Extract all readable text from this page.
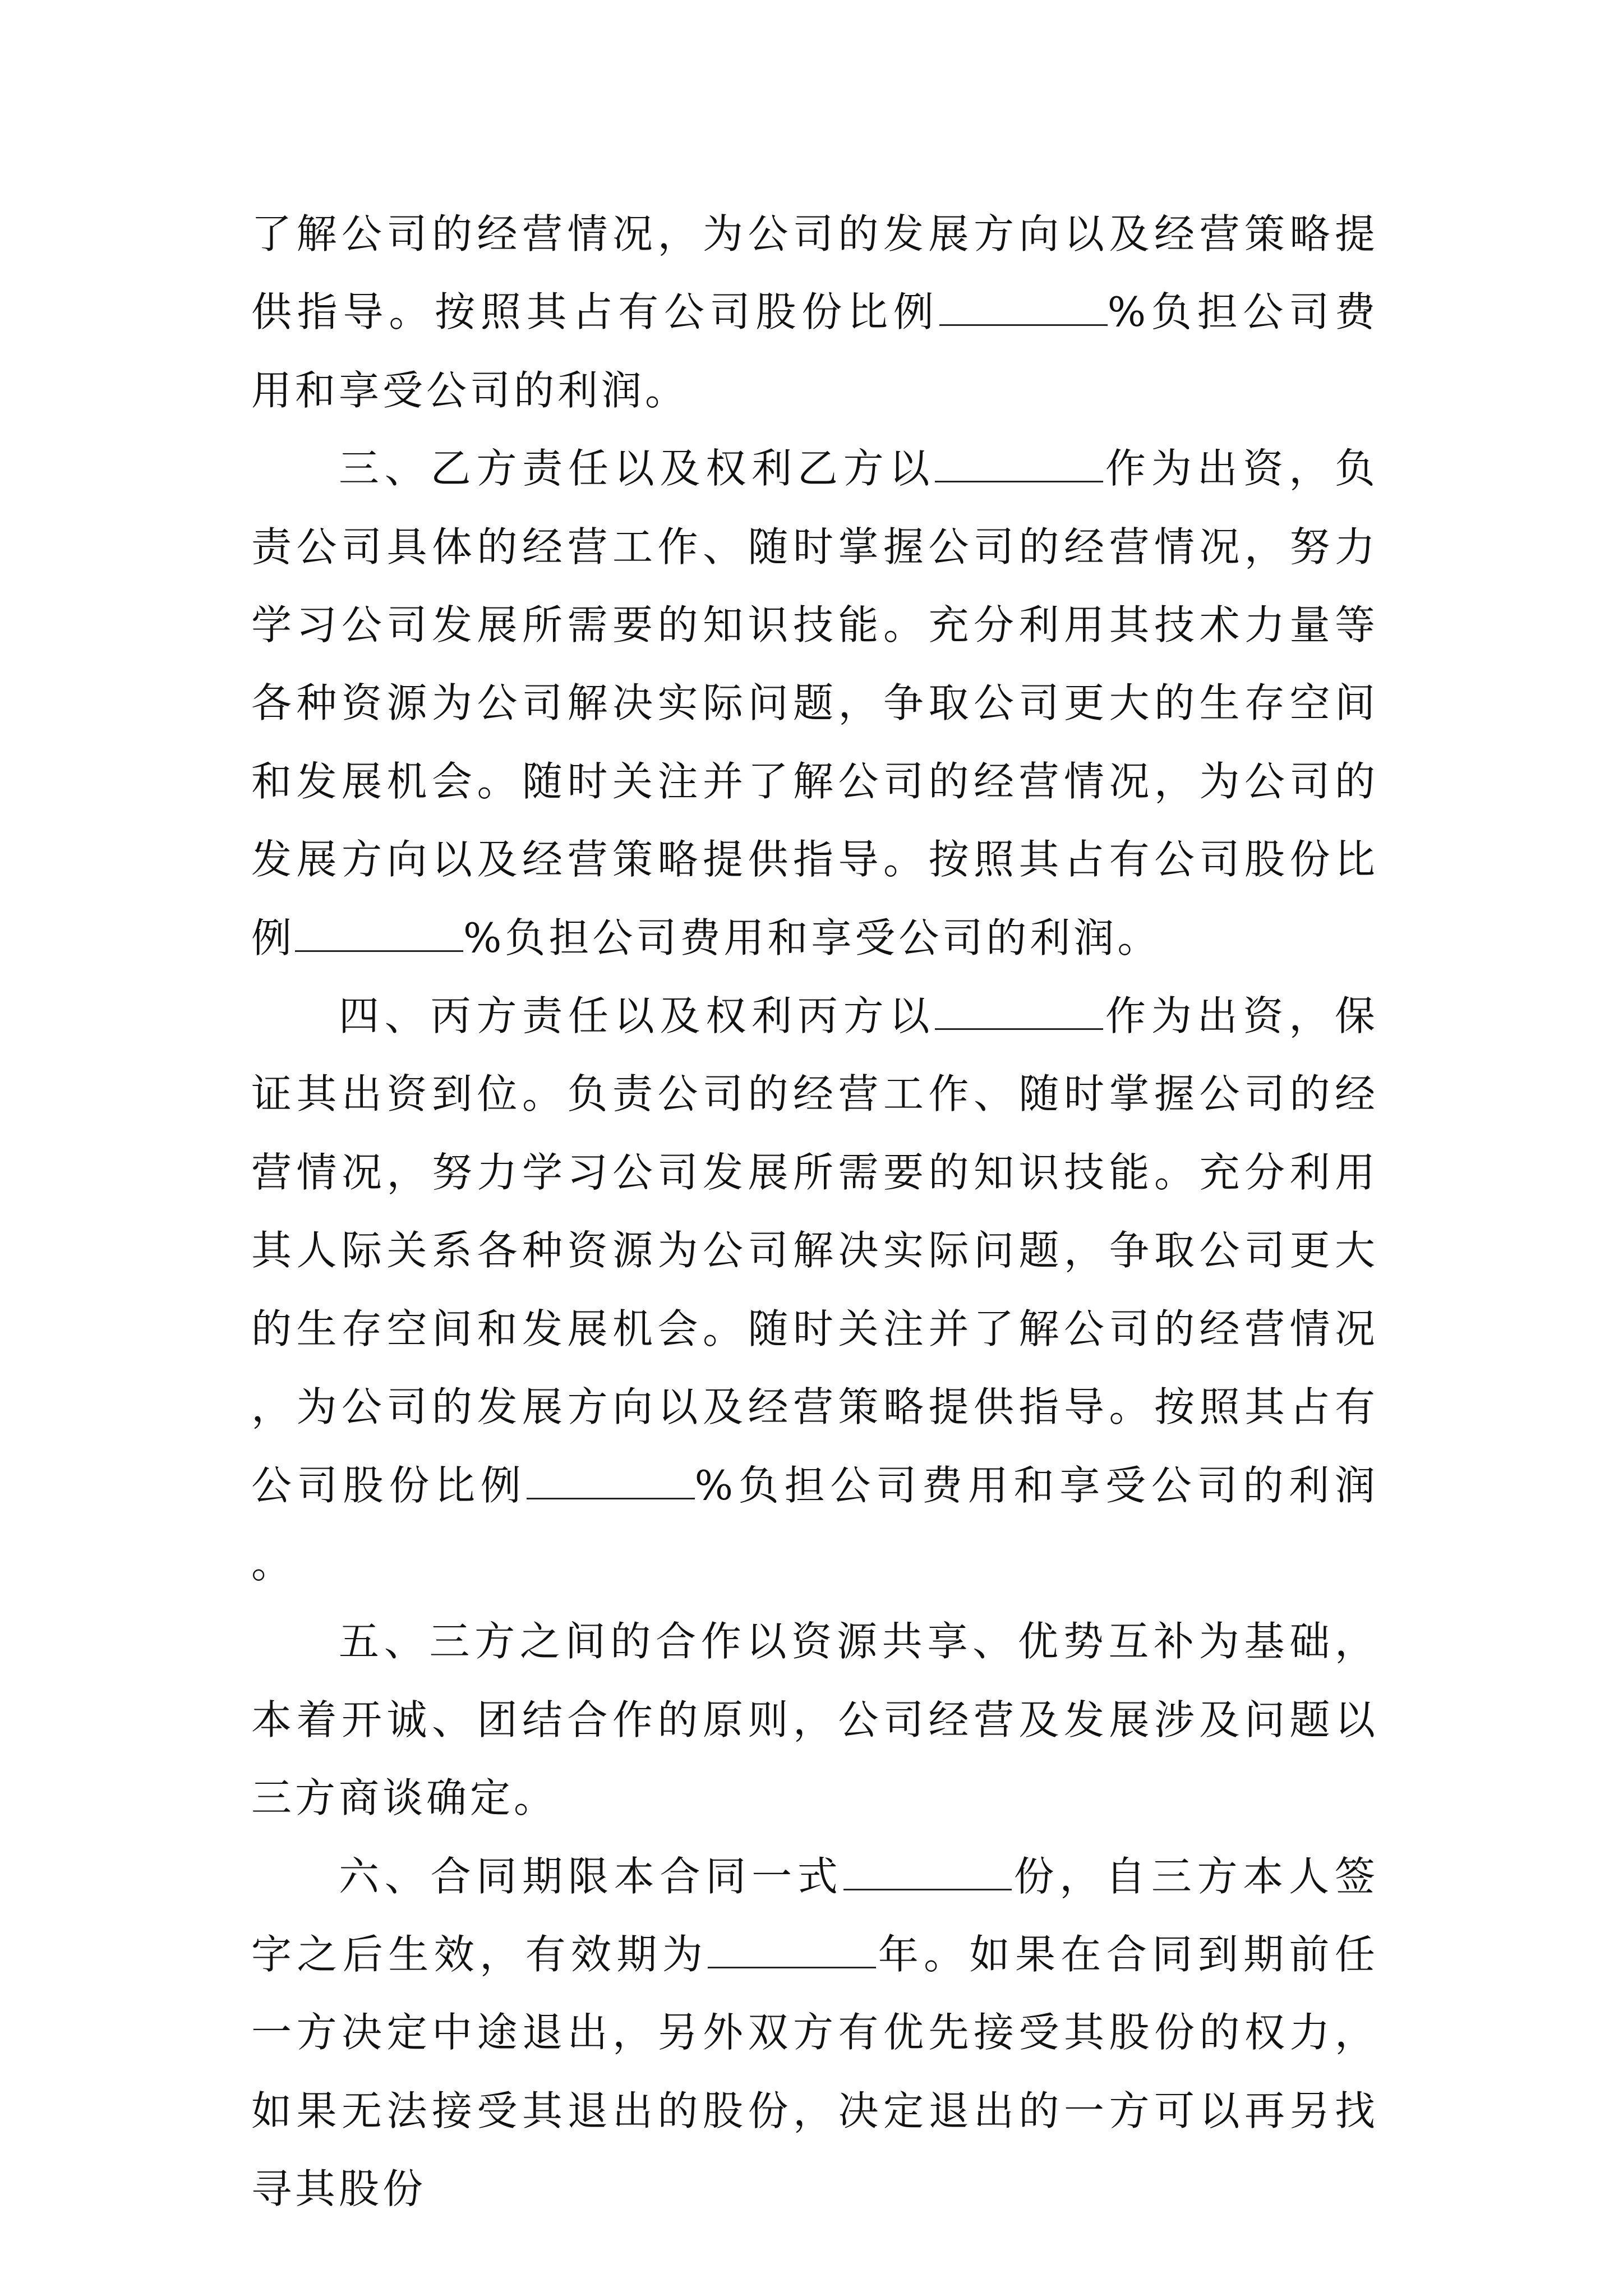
了解公司的经营情况，为公司的发展方向以及经营策略提供指导。按照其占有公司股份比例	%负担公司费用和享受公司的利润。

三、乙方责任以及权利乙方以	作为出资，负责公司具体的经营工作、随时掌握公司的经营情况，努力学习公司发展所需要的知识技能。充分利用其技术力量等各种资源为公司解决实际问题，争取公司更大的生存空间和发展机会。随时关注并了解公司的经营情况，为公司的发展方向以及经营策略提供指导。按照其占有公司股份比例	%负担公司费用和享受公司的利润。

四、丙方责任以及权利丙方以	作为出资，保证其出资到位。负责公司的经营工作、随时掌握公司的经营情况，努力学习公司发展所需要的知识技能。充分利用其人际关系各种资源为公司解决实际问题，争取公司更大的生存空间和发展机会。随时关注并了解公司的经营情况，为公司的发展方向以及经营策略提供指导。按照其占有公司股份比例	%负担公司费用和享受公司的利润。

五、三方之间的合作以资源共享、优势互补为基础，本着开诚、团结合作的原则，公司经营及发展涉及问题以三方商谈确定。

六、合同期限本合同一式	份，自三方本人签字之后生效，有效期为	年。如果在合同到期前任一方决定中途退出，另外双方有优先接受其股份的权力，如果无法接受其退出的股份，决定退出的一方可以再另找寻其股份
